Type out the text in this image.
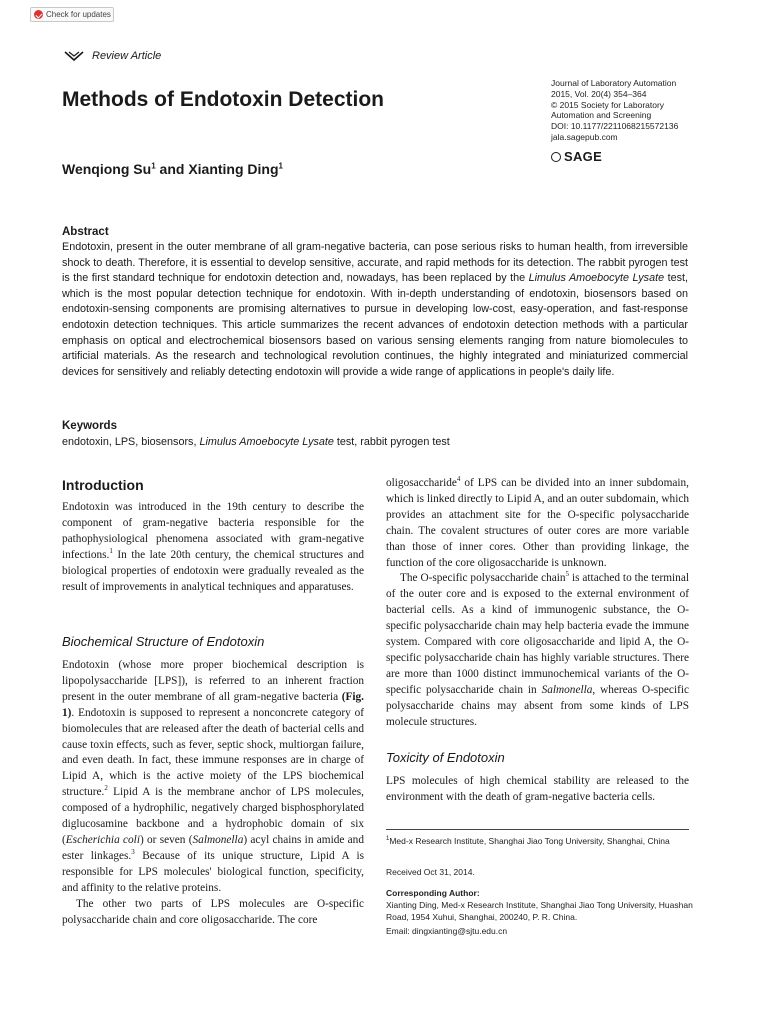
Check for updates
Review Article
Journal of Laboratory Automation
2015, Vol. 20(4) 354–364
© 2015 Society for Laboratory
Automation and Screening
DOI: 10.1177/2211068215572136
jala.sagepub.com
SAGE
Methods of Endotoxin Detection
Wenqiong Su$^1$ and Xianting Ding$^1$
Abstract
Endotoxin, present in the outer membrane of all gram-negative bacteria, can pose serious risks to human health, from irreversible shock to death. Therefore, it is essential to develop sensitive, accurate, and rapid methods for its detection. The rabbit pyrogen test is the first standard technique for endotoxin detection and, nowadays, has been replaced by the Limulus Amoebocyte Lysate test, which is the most popular detection technique for endotoxin. With in-depth understanding of endotoxin, biosensors based on endotoxin-sensing components are promising alternatives to pursue in developing low-cost, easy-operation, and fast-response endotoxin detection techniques. This article summarizes the recent advances of endotoxin detection methods with a particular emphasis on optical and electrochemical biosensors based on various sensing elements ranging from nature biomolecules to artificial materials. As the research and technological revolution continues, the highly integrated and miniaturized commercial devices for sensitively and reliably detecting endotoxin will provide a wide range of applications in people's daily life.
Keywords
endotoxin, LPS, biosensors, Limulus Amoebocyte Lysate test, rabbit pyrogen test
Introduction

Endotoxin was introduced in the 19th century to describe the component of gram-negative bacteria responsible for the pathophysiological phenomena associated with gram-negative infections.$^1$ In the late 20th century, the chemical structures and biological properties of endotoxin were gradually revealed as the result of improvements in analytical techniques and apparatuses.

Biochemical Structure of Endotoxin

Endotoxin (whose more proper biochemical description is lipopolysaccharide [LPS]), is referred to an inherent fraction present in the outer membrane of all gram-negative bacteria (Fig. 1). Endotoxin is supposed to represent a nonconcrete category of biomolecules that are released after the death of bacterial cells and cause toxin effects, such as fever, septic shock, multiorgan failure, and even death. In fact, these immune responses are in charge of Lipid A, which is the active moiety of the LPS biochemical structure.$^2$ Lipid A is the membrane anchor of LPS molecules, composed of a hydrophilic, negatively charged bisphosphorylated diglucosamine backbone and a hydrophobic domain of six (Escherichia coli) or seven (Salmonella) acyl chains in amide and ester linkages.$^3$ Because of its unique structure, Lipid A is responsible for LPS molecules' biological function, specificity, and affinity to the relative proteins.

The other two parts of LPS molecules are O-specific polysaccharide chain and core oligosaccharide. The core

oligosaccharide$^4$ of LPS can be divided into an inner subdomain, which is linked directly to Lipid A, and an outer subdomain, which provides an attachment site for the O-specific polysaccharide chain. The covalent structures of outer cores are more variable than those of inner cores. Other than providing linkage, the function of the core oligosaccharide is unknown.

The O-specific polysaccharide chain$^5$ is attached to the terminal of the outer core and is exposed to the external environment of bacterial cells. As a kind of immunogenic substance, the O-specific polysaccharide chain may help bacteria evade the immune system. Compared with core oligosaccharide and lipid A, the O-specific polysaccharide chain has highly variable structures. There are more than 1000 distinct immunochemical variants of the O-specific polysaccharide chain in Salmonella, whereas O-specific polysaccharide chains may absent from some kinds of LPS molecule structures.

Toxicity of Endotoxin

LPS molecules of high chemical stability are released to the environment with the death of gram-negative bacteria cells.

$^1$Med-x Research Institute, Shanghai Jiao Tong University, Shanghai, China
Received Oct 31, 2014.
Corresponding Author:
Xianting Ding, Med-x Research Institute, Shanghai Jiao Tong University, Huashan Road, 1954 Xuhui, Shanghai, 200240, P. R. China.
Email: dingxianting@sjtu.edu.cn
